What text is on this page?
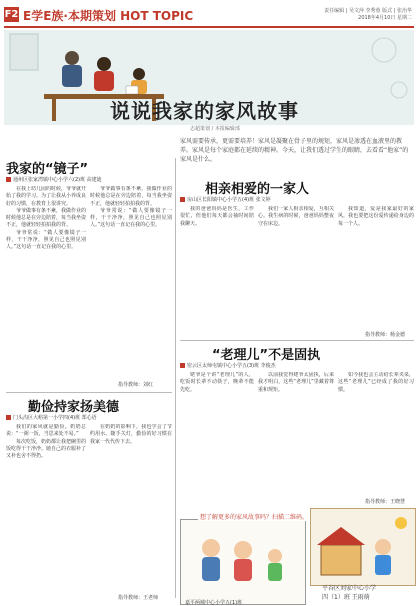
F2 E学E族·本期策划 HOT TOPIC	责任编辑 | 吴文萍 李秀蓉 版式 | 张治华
2018年4月10日 星期二
说说我家的家风故事
志超策划 / 本报编辑部
家风需要传承，更需要培养！家风是凝聚在骨子里的规矩，家风是渗透在血液里的教养。家风是每个家庭都在延续的精神。今天，让我们透过学生的眼睛，去看看“他家”的家风是什么。
我家的“镜子”
通州区张家湾镇中心小学六(2)班 高建迪

在我上幼儿园的时候，爷爷就开始了我的学习。为了让我从小养成良好的习惯，在教育上很讲究。

爷爷做事有条不紊，我做作业的时候他总是在旁边陪着，每当我坐姿不正，他就轻轻拍拍我的背。

爷爷常说：“做人要像镜子一样，干干净净，照见自己也照见别人。”这句话一直记在我的心里。

爷爷做事有条不紊，我做作业的时候他总是在旁边陪着，每当我坐姿不正，他就轻轻拍拍我的背。

爷爷常说：“做人要像镜子一样，干干净净，照见自己也照见别人。”这句话一直记在我的心里。

指导教师：刘红
勤俭持家扬美德
门头沟区大峪第一小学四(4)班 郑心语

我们的家风就是勤俭。奶奶总说：“一粥一饭，当思来处不易。”

每次吃饭，奶奶都让我把碗里的饭吃得干干净净。她自己的衣服补了又补也舍不得扔。

在奶奶的影响下，我也学会了节约用水、随手关灯，勤俭的好习惯在我家一代代传下去。

指导教师：王老师
相亲相爱的一家人
房山区长阳镇中心小学五(4)班 张文婷

我的爸爸妈妈是医生，工作很忙，但他们每天都会抽时间陪我聊天。

我们一家人相亲相爱，互相关心。我生病的时候，爸爸妈妈整夜守在床边。

我知道，爱是我家最好的家风，我也要把这份爱传递给身边的每一个人。

指导教师：杨金德
“老理儿”不是固执
密云区太师屯镇中心小学五(3)班 李俊杰

姥爷是个讲“老理儿”的人，吃饭时长辈不动筷子，晚辈不能先吃。

以前我觉得姥爷太固执，后来我才明白，这些“老理儿”里藏着尊重和规矩。

如今我也会主动给长辈夹菜，这些“老理儿”已经成了我的好习惯。

指导教师：王晓慧
想了解更多的家风故事吗？扫描二维码。
嘉平两城中心小学五(1)班
平谷区刘家中心小学
四（1）班 王雨萌
